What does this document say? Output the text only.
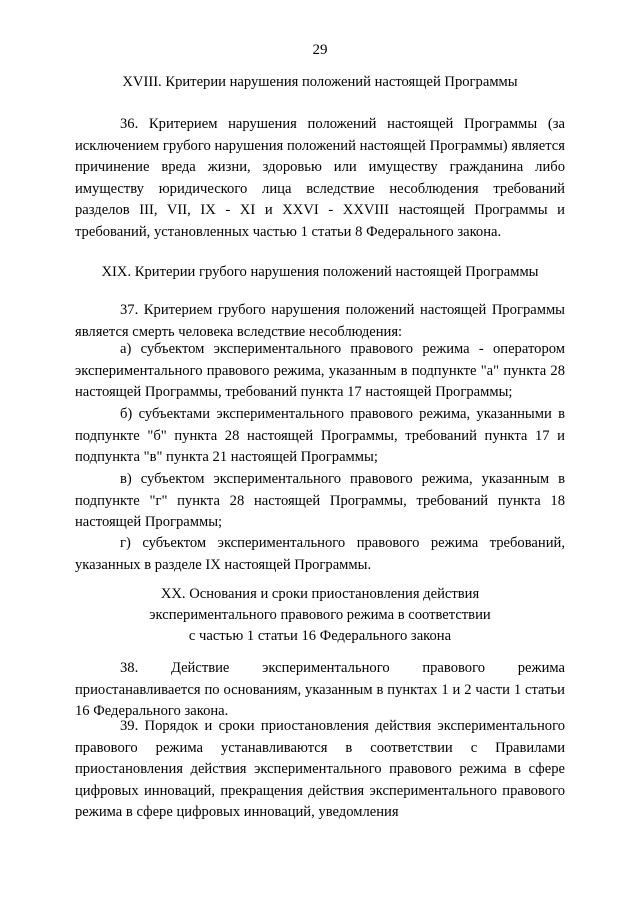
29
XVIII. Критерии нарушения положений настоящей Программы

36. Критерием нарушения положений настоящей Программы (за исключением грубого нарушения положений настоящей Программы) является причинение вреда жизни, здоровью или имуществу гражданина либо имуществу юридического лица вследствие несоблюдения требований разделов III, VII, IX - XI и XXVI - XXVIII настоящей Программы и требований, установленных частью 1 статьи 8 Федерального закона.

XIX. Критерии грубого нарушения положений настоящей Программы

37. Критерием грубого нарушения положений настоящей Программы является смерть человека вследствие несоблюдения:

а) субъектом экспериментального правового режима - оператором экспериментального правового режима, указанным в подпункте "а" пункта 28 настоящей Программы, требований пункта 17 настоящей Программы;

б) субъектами экспериментального правового режима, указанными в подпункте "б" пункта 28 настоящей Программы, требований пункта 17 и подпункта "в" пункта 21 настоящей Программы;

в) субъектом экспериментального правового режима, указанным в подпункте "г" пункта 28 настоящей Программы, требований пункта 18 настоящей Программы;

г) субъектом экспериментального правового режима требований, указанных в разделе IX настоящей Программы.

XX. Основания и сроки приостановления действия
экспериментального правового режима в соответствии
с частью 1 статьи 16 Федерального закона

38. Действие экспериментального правового режима приостанавливается по основаниям, указанным в пунктах 1 и 2 части 1 статьи 16 Федерального закона.

39. Порядок и сроки приостановления действия экспериментального правового режима устанавливаются в соответствии с Правилами приостановления действия экспериментального правового режима в сфере цифровых инноваций, прекращения действия экспериментального правового режима в сфере цифровых инноваций, уведомления
